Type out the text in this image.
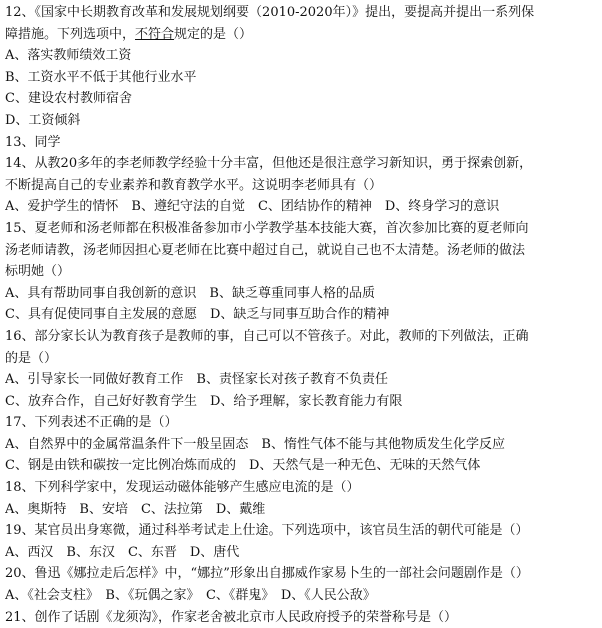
12、《国家中长期教育改革和发展规划纲要（2010-2020年）》提出，要提高并提出一系列保
障措施。下列选项中，不符合规定的是（）
A、落实教师绩效工资
B、工资水平不低于其他行业水平
C、建设农村教师宿舍
D、工资倾斜
13、同学
14、从教20多年的李老师教学经验十分丰富，但他还是很注意学习新知识，勇于探索创新，
不断提高自己的专业素养和教育教学水平。这说明李老师具有（）
A、爱护学生的情怀　B、遵纪守法的自觉　C、团结协作的精神　D、终身学习的意识
15、夏老师和汤老师都在积极准备参加市小学教学基本技能大赛，首次参加比赛的夏老师向
汤老师请教，汤老师因担心夏老师在比赛中超过自己，就说自己也不太清楚。汤老师的做法
标明她（）
A、具有帮助同事自我创新的意识　B、缺乏尊重同事人格的品质
C、具有促使同事自主发展的意愿　D、缺乏与同事互助合作的精神
16、部分家长认为教育孩子是教师的事，自己可以不管孩子。对此，教师的下列做法，正确
的是（）
A、引导家长一同做好教育工作　B、责怪家长对孩子教育不负责任
C、放弃合作，自己好好教育学生　D、给予理解，家长教育能力有限
17、下列表述不正确的是（）
A、自然界中的金属常温条件下一般呈固态　B、惰性气体不能与其他物质发生化学反应
C、钢是由铁和碳按一定比例冶炼而成的　D、天然气是一种无色、无味的天然气体
18、下列科学家中，发现运动磁体能够产生感应电流的是（）
A、奥斯特　B、安培　C、法拉第　D、戴维
19、某官员出身寒微，通过科举考试走上仕途。下列选项中，该官员生活的朝代可能是（）
A、西汉　B、东汉　C、东晋　D、唐代
20、鲁迅《娜拉走后怎样》中，“娜拉”形象出自挪威作家易卜生的一部社会问题剧作是（）
A、《社会支柱》　B、《玩偶之家》　C、《群鬼》　D、《人民公敌》
21、创作了话剧《龙须沟》，作家老舍被北京市人民政府授予的荣誉称号是（）
